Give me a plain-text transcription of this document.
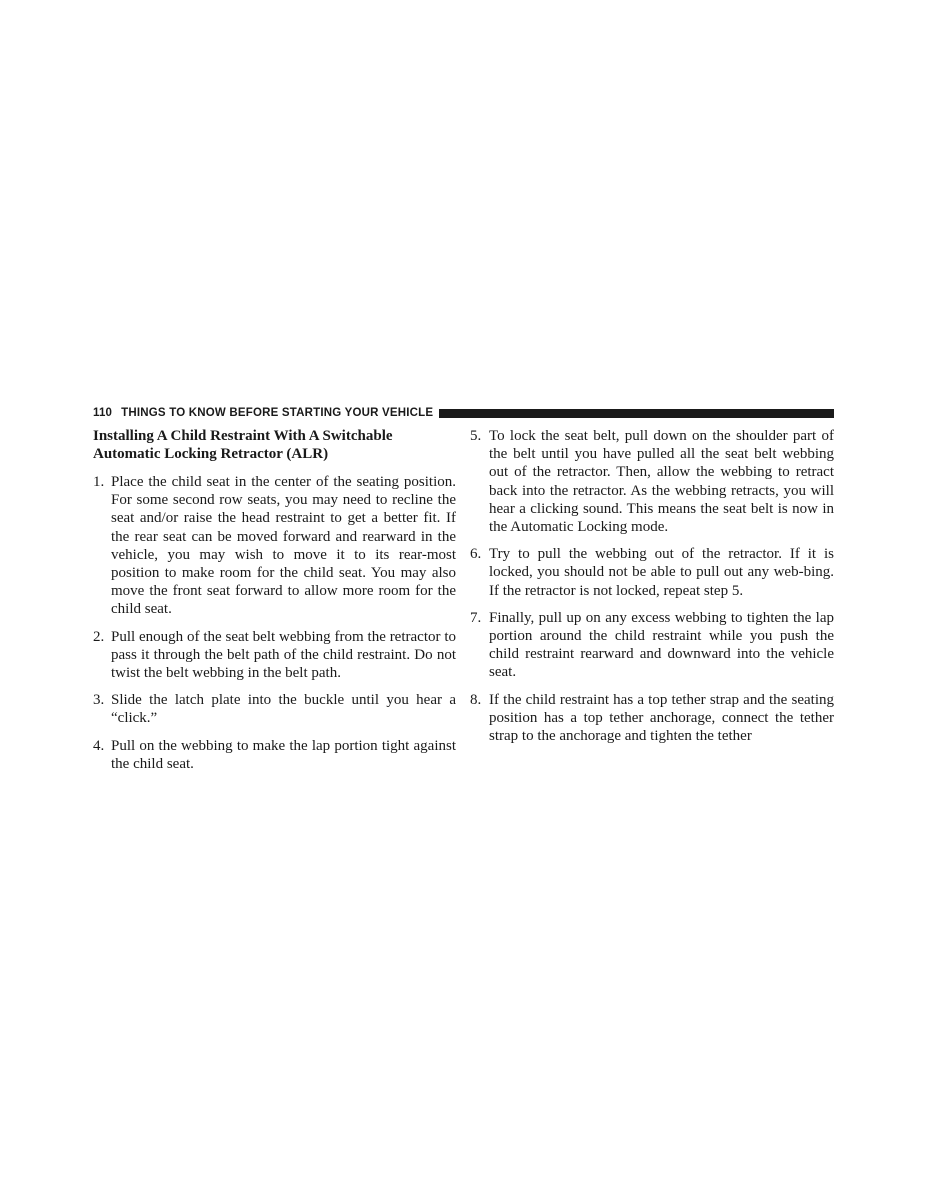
110 THINGS TO KNOW BEFORE STARTING YOUR VEHICLE
Installing A Child Restraint With A Switchable Automatic Locking Retractor (ALR)
1. Place the child seat in the center of the seating position. For some second row seats, you may need to recline the seat and/or raise the head restraint to get a better fit. If the rear seat can be moved forward and rearward in the vehicle, you may wish to move it to its rear-most position to make room for the child seat. You may also move the front seat forward to allow more room for the child seat.
2. Pull enough of the seat belt webbing from the retractor to pass it through the belt path of the child restraint. Do not twist the belt webbing in the belt path.
3. Slide the latch plate into the buckle until you hear a “click.”
4. Pull on the webbing to make the lap portion tight against the child seat.
5. To lock the seat belt, pull down on the shoulder part of the belt until you have pulled all the seat belt webbing out of the retractor. Then, allow the webbing to retract back into the retractor. As the webbing retracts, you will hear a clicking sound. This means the seat belt is now in the Automatic Locking mode.
6. Try to pull the webbing out of the retractor. If it is locked, you should not be able to pull out any web-bing. If the retractor is not locked, repeat step 5.
7. Finally, pull up on any excess webbing to tighten the lap portion around the child restraint while you push the child restraint rearward and downward into the vehicle seat.
8. If the child restraint has a top tether strap and the seating position has a top tether anchorage, connect the tether strap to the anchorage and tighten the tether
